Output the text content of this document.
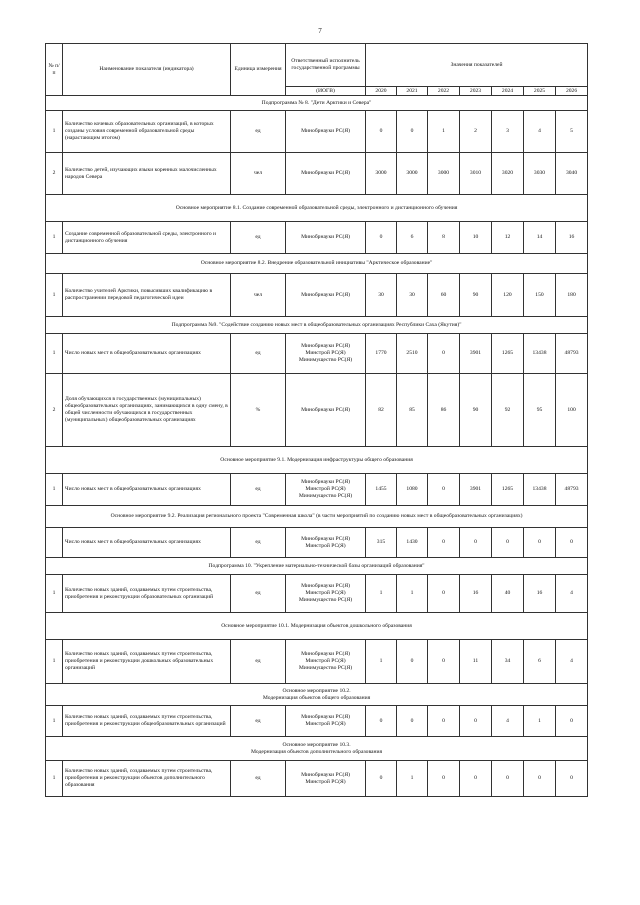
7
№ п/п	Наименование показателя (индикатора)	Единица измерения	Ответственный исполнитель государственной программы	Значения показателей						
			(ИОГВ)	2020	2021	2022	2023	2024	2025	2026
Подпрограмма № 8. "Дети Арктики и Севера"										
1	Количество кочевых образовательных организаций, в которых созданы условия современной образовательной среды (нарастающим итогом)	ед	Минобрнауки РС(Я)	0	0	1	2	3	4	5
2	Количество детей, изучающих языки коренных малочисленных народов Севера	чел	Минобрнауки РС(Я)	3000	3000	3000	3010	3020	3030	3040
Основное мероприятие 8.1. Создание современной образовательной среды, электронного и дистанционного обучения										
1	Создание современной образовательной среды, электронного и дистанционного обучения	ед	Минобрнауки РС(Я)	0	6	8	10	12	14	16
Основное мероприятие 8.2. Внедрение образовательной инициативы "Арктическое образование"										
1	Количество учителей Арктики, повысивших квалификацию в распространении передовой педагогической идеи	чел	Минобрнауки РС(Я)	30	30	60	90	120	150	180
Подпрограмма №9. "Содействие созданию новых мест в общеобразовательных организациях Республики Саха (Якутия)"										
1	Число новых мест в общеобразовательных организациях	ед	Минобрнауки РС(Я)
Минстрой РС(Я)
Минимущество РС(Я)	1770	2510	0	3901	1265	13438	48793
2	Доля обучающихся в государственных (муниципальных) общеобразовательных организациях, занимающихся в одну смену, в общей численности обучающихся в государственных (муниципальных) общеобразовательных организациях	%	Минобрнауки РС(Я)	82	85	86	90	92	95	100
Основное мероприятие 9.1. Модернизация инфраструктуры общего образования										
1	Число новых мест в общеобразовательных организациях	ед	Минобрнауки РС(Я)
Минстрой РС(Я)
Минимущество РС(Я)	1455	1080	0	3901	1265	13438	48793
Основное мероприятие 9.2. Реализация регионального проекта "Современная школа" (в части мероприятий по созданию новых мест в общеобразовательных организациях)										
	Число новых мест в общеобразовательных организациях	ед	Минобрнауки РС(Я)
Минстрой РС(Я)	315	1430	0	0	0	0	0
Подпрограмма 10. "Укрепление материально-технической базы организаций образования"										
1	Количество новых зданий, создаваемых путем строительства, приобретения и реконструкции образовательных организаций	ед	Минобрнауки РС(Я)
Минстрой РС(Я)
Минимущество РС(Я)	1	1	0	16	40	16	4
Основное мероприятие 10.1. Модернизация объектов дошкольного образования										
1	Количество новых зданий, создаваемых путем строительства, приобретения и реконструкции дошкольных образовательных организаций	ед	Минобрнауки РС(Я)
Минстрой РС(Я)
Минимущество РС(Я)	1	0	0	11	34	6	4
Основное мероприятие 10.2.
Модернизация объектов общего образования										
1	Количество новых зданий, создаваемых путем строительства, приобретения и реконструкции общеобразовательных организаций	ед	Минобрнауки РС(Я)
Минстрой РС(Я)	0	0	0	0	4	1	0
Основное мероприятие 10.3.
Модернизация объектов дополнительного образования										
1	Количество новых зданий, создаваемых путем строительства, приобретения и реконструкции объектов дополнительного образования	ед	Минобрнауки РС(Я)
Минстрой РС(Я)	0	1	0	0	0	0	0
